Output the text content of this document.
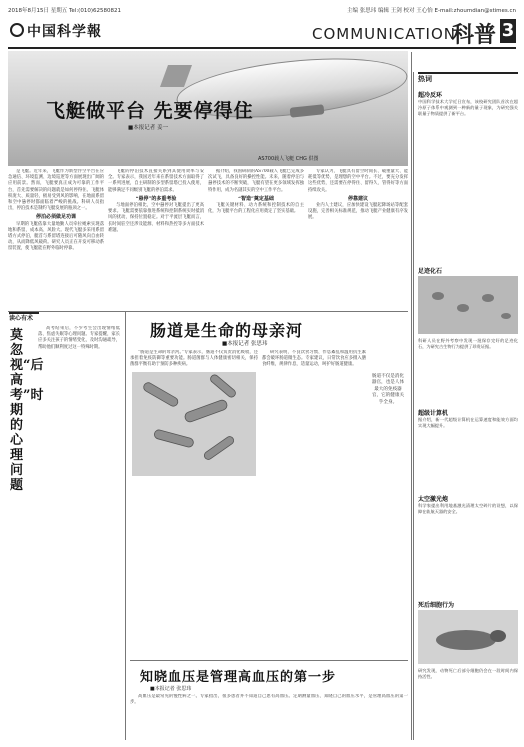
2018年8月15日 星期五 Tel:(010)62580821	主编 张思玮 编辑 王剑 校对 王心怡 E-mail:zhoumdian@stimes.cn
中国科学報	COMMUNICATION
科普 3
飞艇做平台 先要停得住
■本报记者 姜一
AS700载人飞艇 CHG 供图

是飞艇。近年来，飞艇作为新型浮空平台在应急通信、环境监测、边境巡逻等方面展现出广阔的应用前景。然而，飞艇要真正成为可靠的工作平台，首先需要解决的问题就是如何停得住。飞艇体积庞大、质量轻，极易受到风的影响，在地面系留和空中悬停时都面临着严峻的挑战。科研人员指出，停泊技术是制约飞艇发展的瓶颈之一。

停泊必须做足功课

早期的飞艇依靠大量地勤人员牵拉绳索实现落地和系留，成本高、风险大。现代飞艇多采用系留塔方式停泊，艇首与系留塔连接后可随风向自由转动，从而降低风载荷。研究人员正在开发可移动系留装置，使飞艇能在野外临时停靠。

飞艇的停泊技术直接关系到其使用效率与安全。专家表示，我国近年来在系留技术方面取得了一系列进展，自主研制的多型系留塔已投入使用，能够满足不同级别飞艇的停泊需求。

“悬停”的多重考验

与地面停泊相比，空中悬停对飞艇提出了更高要求。飞艇需要依靠推进系统和控制系统实时抵消风的扰动，保持位置稳定。对于平流层飞艇而言，长时间驻空还涉及能源、材料和热控等多方面技术难题。

据介绍，我国研制的AS700载人飞艇已完成多次试飞，具备良好的操控性能。未来，随着停泊与悬停技术的不断突破，飞艇有望在更多领域发挥独特作用，成为名副其实的空中工作平台。

“智造”奠定基础

飞艇关键材料、动力系统和控制技术的自主化，为飞艇平台的工程化应用奠定了坚实基础。

专家认为，飞艇具有留空时间长、载重量大、能耗低等优势，是理想的空中平台。不过，要充分发挥这些优势，还需要在停得住、留得久、管得好等方面持续攻关。

停靠建议

业内人士建议，应加快建设飞艇起降场站等配套设施，完善相关标准规范，推动飞艇产业健康有序发展。

读心有术
莫忽视“后高考”时期的心理问题

高考结束后，不少考生会出现情绪低落、焦虑失眠等心理问题。专家提醒，家长应多关注孩子的情绪变化，及时沟通疏导，帮助他们顺利度过这一特殊时期。

肠道是生命的母亲河
■本报记者 张思玮

“肠道是生命的母亲河。”专家表示，肠道不仅负责消化吸收，还承担着免疫防御等重要功能。肠道菌群与人体健康密切相关，保持菌群平衡有助于预防多种疾病。

研究表明，不良饮食习惯、作息紊乱和滥用抗生素都会破坏肠道微生态。专家建议，日常饮食应多摄入膳食纤维，规律作息，适量运动，呵护好肠道健康。

肠道不仅是消化器官，也是人体最大的免疫器官，它的健康关乎全身。
知晓血压是管理高血压的第一步
■本报记者 张思玮

高血压是最常见的慢性病之一。专家指出，很多患者并不知道自己患有高血压。定期测量血压、知晓自己的血压水平，是管理高血压的第一步。

热词
超冷反环
中国科学技术大学近日宣布，该校研究团队首次在超冷原子体系中观测到一种新的量子现象，为研究强关联量子物质提供了新平台。
足迹化石
科研人员在野外考察中发现一批保存完好的足迹化石，为研究古生物行为提供了珍贵证据。
超级计算机
据介绍，新一代超级计算机在运算速度和能效方面均实现大幅提升。
太空激光炮
科学家提出利用地基激光清理太空碎片的设想，以保障在轨航天器的安全。
死后细胞行为
研究发现，动物死亡后部分细胞仍会在一段时间内保持活性。
